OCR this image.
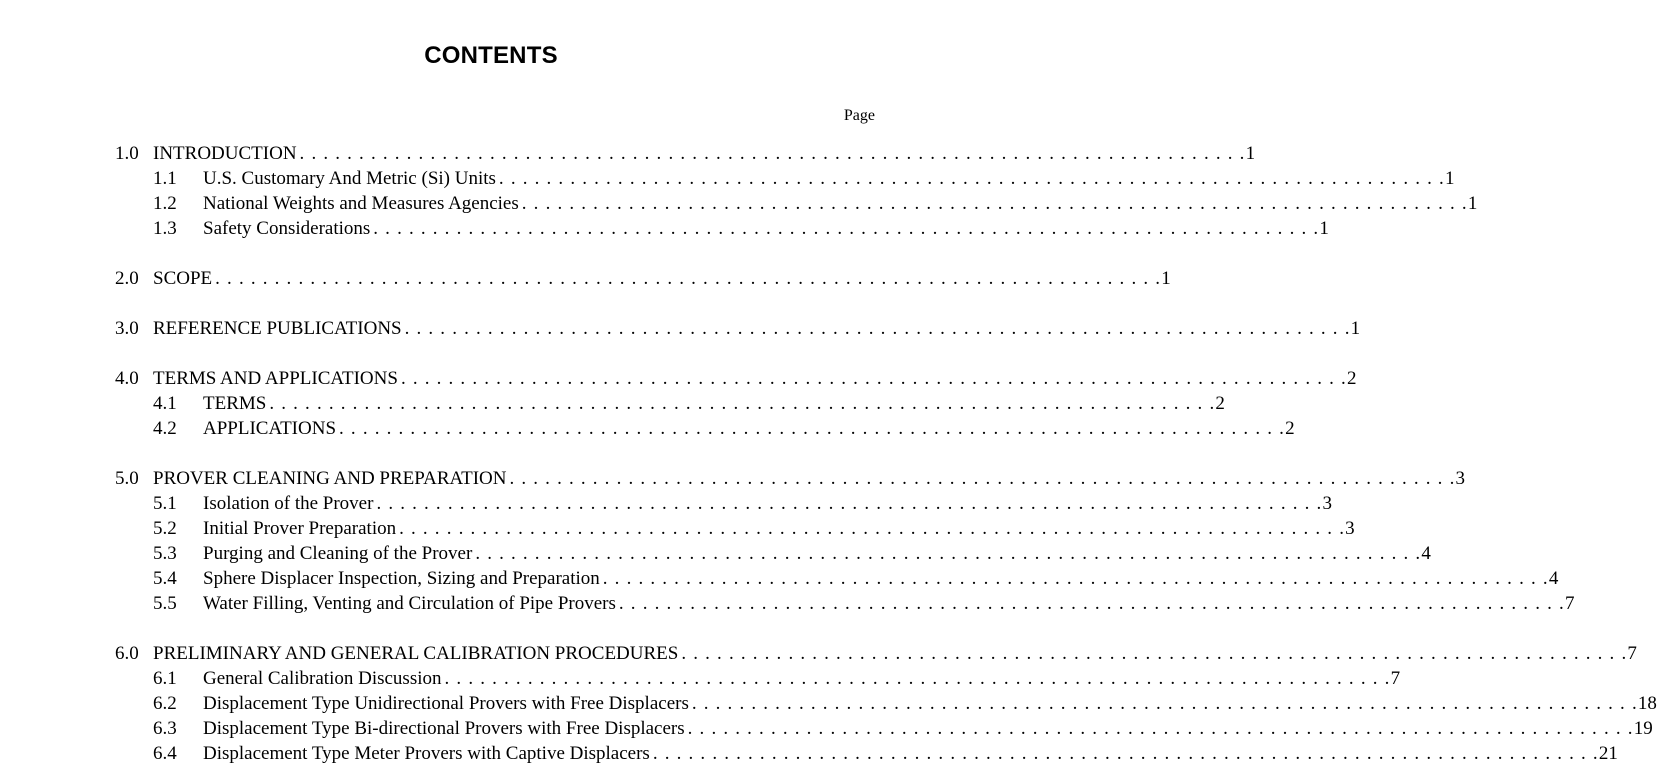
CONTENTS
Page
1.0 INTRODUCTION . . . . . . . . . . . . . . . . . . . . . . . . . . . . . . . . . . . . . . . . . . . . . . . . . . . . . . . . . . . . . . . . . . . . . . . . . . . . . . . . 1
1.1	U.S. Customary And Metric (Si) Units . . . . . . . . . . . . . . . . . . . . . . . . . . . . . . . . . . . . . . . . . . . . . . . . . . . . . . . . . . . . . . . . . . . . . . . . . . . . . . . . 1
1.2	National Weights and Measures Agencies . . . . . . . . . . . . . . . . . . . . . . . . . . . . . . . . . . . . . . . . . . . . . . . . . . . . . . . . . . . . . . . . . . . . . . . . . . . . . . . . 1
1.3	Safety Considerations . . . . . . . . . . . . . . . . . . . . . . . . . . . . . . . . . . . . . . . . . . . . . . . . . . . . . . . . . . . . . . . . . . . . . . . . . . . . . . . . 1
2.0 SCOPE . . . . . . . . . . . . . . . . . . . . . . . . . . . . . . . . . . . . . . . . . . . . . . . . . . . . . . . . . . . . . . . . . . . . . . . . . . . . . . . . 1
3.0 REFERENCE PUBLICATIONS . . . . . . . . . . . . . . . . . . . . . . . . . . . . . . . . . . . . . . . . . . . . . . . . . . . . . . . . . . . . . . . . . . . . . . . . . . . . . . . . 1
4.0 TERMS AND APPLICATIONS . . . . . . . . . . . . . . . . . . . . . . . . . . . . . . . . . . . . . . . . . . . . . . . . . . . . . . . . . . . . . . . . . . . . . . . . . . . . . . . . 2
4.1	TERMS . . . . . . . . . . . . . . . . . . . . . . . . . . . . . . . . . . . . . . . . . . . . . . . . . . . . . . . . . . . . . . . . . . . . . . . . . . . . . . . . 2
4.2	APPLICATIONS . . . . . . . . . . . . . . . . . . . . . . . . . . . . . . . . . . . . . . . . . . . . . . . . . . . . . . . . . . . . . . . . . . . . . . . . . . . . . . . . 2
5.0 PROVER CLEANING AND PREPARATION . . . . . . . . . . . . . . . . . . . . . . . . . . . . . . . . . . . . . . . . . . . . . . . . . . . . . . . . . . . . . . . . . . . . . . . . . . . . . . . . 3
5.1	Isolation of the Prover . . . . . . . . . . . . . . . . . . . . . . . . . . . . . . . . . . . . . . . . . . . . . . . . . . . . . . . . . . . . . . . . . . . . . . . . . . . . . . . . 3
5.2	Initial Prover Preparation . . . . . . . . . . . . . . . . . . . . . . . . . . . . . . . . . . . . . . . . . . . . . . . . . . . . . . . . . . . . . . . . . . . . . . . . . . . . . . . . 3
5.3	Purging and Cleaning of the Prover . . . . . . . . . . . . . . . . . . . . . . . . . . . . . . . . . . . . . . . . . . . . . . . . . . . . . . . . . . . . . . . . . . . . . . . . . . . . . . . . 4
5.4	Sphere Displacer Inspection, Sizing and Preparation . . . . . . . . . . . . . . . . . . . . . . . . . . . . . . . . . . . . . . . . . . . . . . . . . . . . . . . . . . . . . . . . . . . . . . . . . . . . . . . . 4
5.5	Water Filling, Venting and Circulation of Pipe Provers . . . . . . . . . . . . . . . . . . . . . . . . . . . . . . . . . . . . . . . . . . . . . . . . . . . . . . . . . . . . . . . . . . . . . . . . . . . . . . . . 7
6.0 PRELIMINARY AND GENERAL CALIBRATION PROCEDURES . . . . . . . . . . . . . . . . . . . . . . . . . . . . . . . . . . . . . . . . . . . . . . . . . . . . . . . . . . . . . . . . . . . . . . . . . . . . . . . . 7
6.1	General Calibration Discussion . . . . . . . . . . . . . . . . . . . . . . . . . . . . . . . . . . . . . . . . . . . . . . . . . . . . . . . . . . . . . . . . . . . . . . . . . . . . . . . . 7
6.2	Displacement Type Unidirectional Provers with Free Displacers . . . . . . . . . . . . . . . . . . . . . . . . . . . . . . . . . . . . . . . . . . . . . . . . . . . . . . . . . . . . . . . . . . . . . . . . . . . . . . . . 18
6.3	Displacement Type Bi-directional Provers with Free Displacers . . . . . . . . . . . . . . . . . . . . . . . . . . . . . . . . . . . . . . . . . . . . . . . . . . . . . . . . . . . . . . . . . . . . . . . . . . . . . . . . 19
6.4	Displacement Type Meter Provers with Captive Displacers . . . . . . . . . . . . . . . . . . . . . . . . . . . . . . . . . . . . . . . . . . . . . . . . . . . . . . . . . . . . . . . . . . . . . . . . . . . . . . . . 21
